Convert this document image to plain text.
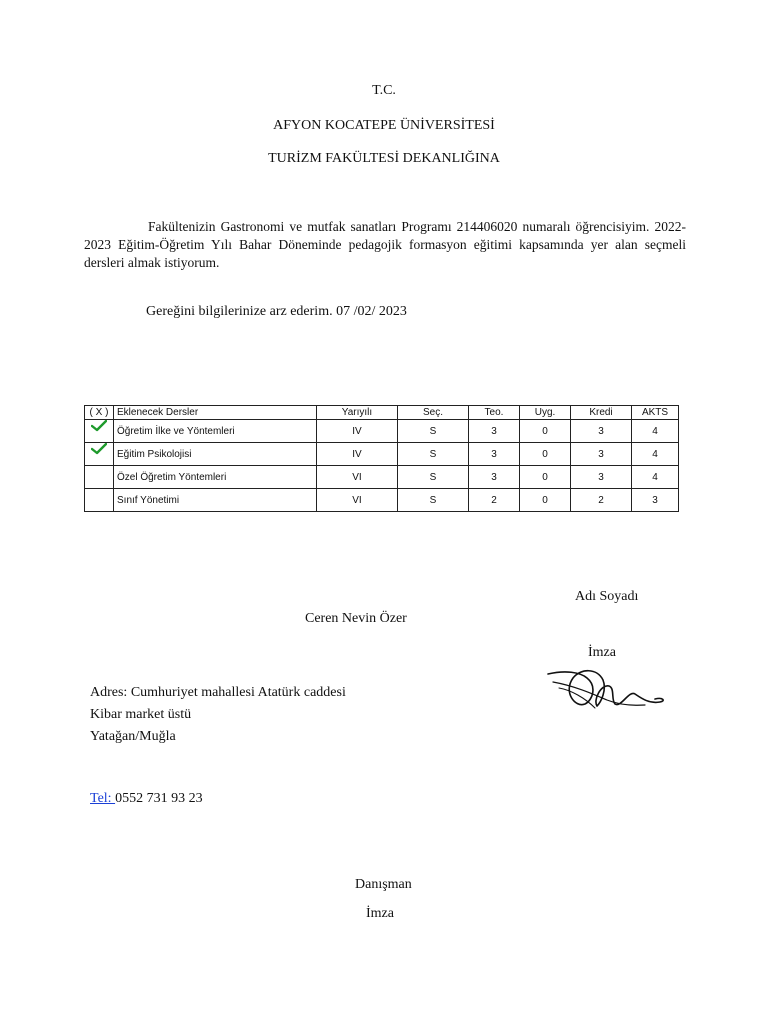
T.C.
AFYON KOCATEPE ÜNİVERSİTESİ
TURİZM FAKÜLTESİ DEKANLIĞINA
Fakültenizin Gastronomi ve mutfak sanatları Programı 214406020 numaralı öğrencisiyim. 2022-2023 Eğitim-Öğretim Yılı Bahar Döneminde pedagojik formasyon eğitimi kapsamında yer alan seçmeli dersleri almak istiyorum.
Gereğini bilgilerinize arz ederim. 07 /02/ 2023
( X )	Eklenecek Dersler	Yarıyılı	Seç.	Teo.	Uyg.	Kredi	AKTS
	Öğretim İlke ve Yöntemleri	IV	S	3	0	3	4
	Eğitim Psikolojisi	IV	S	3	0	3	4
	Özel Öğretim Yöntemleri	VI	S	3	0	3	4
	Sınıf Yönetimi	VI	S	2	0	2	3
Adı Soyadı
Ceren Nevin Özer
İmza
Adres: Cumhuriyet mahallesi Atatürk caddesi
Kibar market üstü
Yatağan/Muğla
Tel: 0552 731 93 23
Danışman
İmza
